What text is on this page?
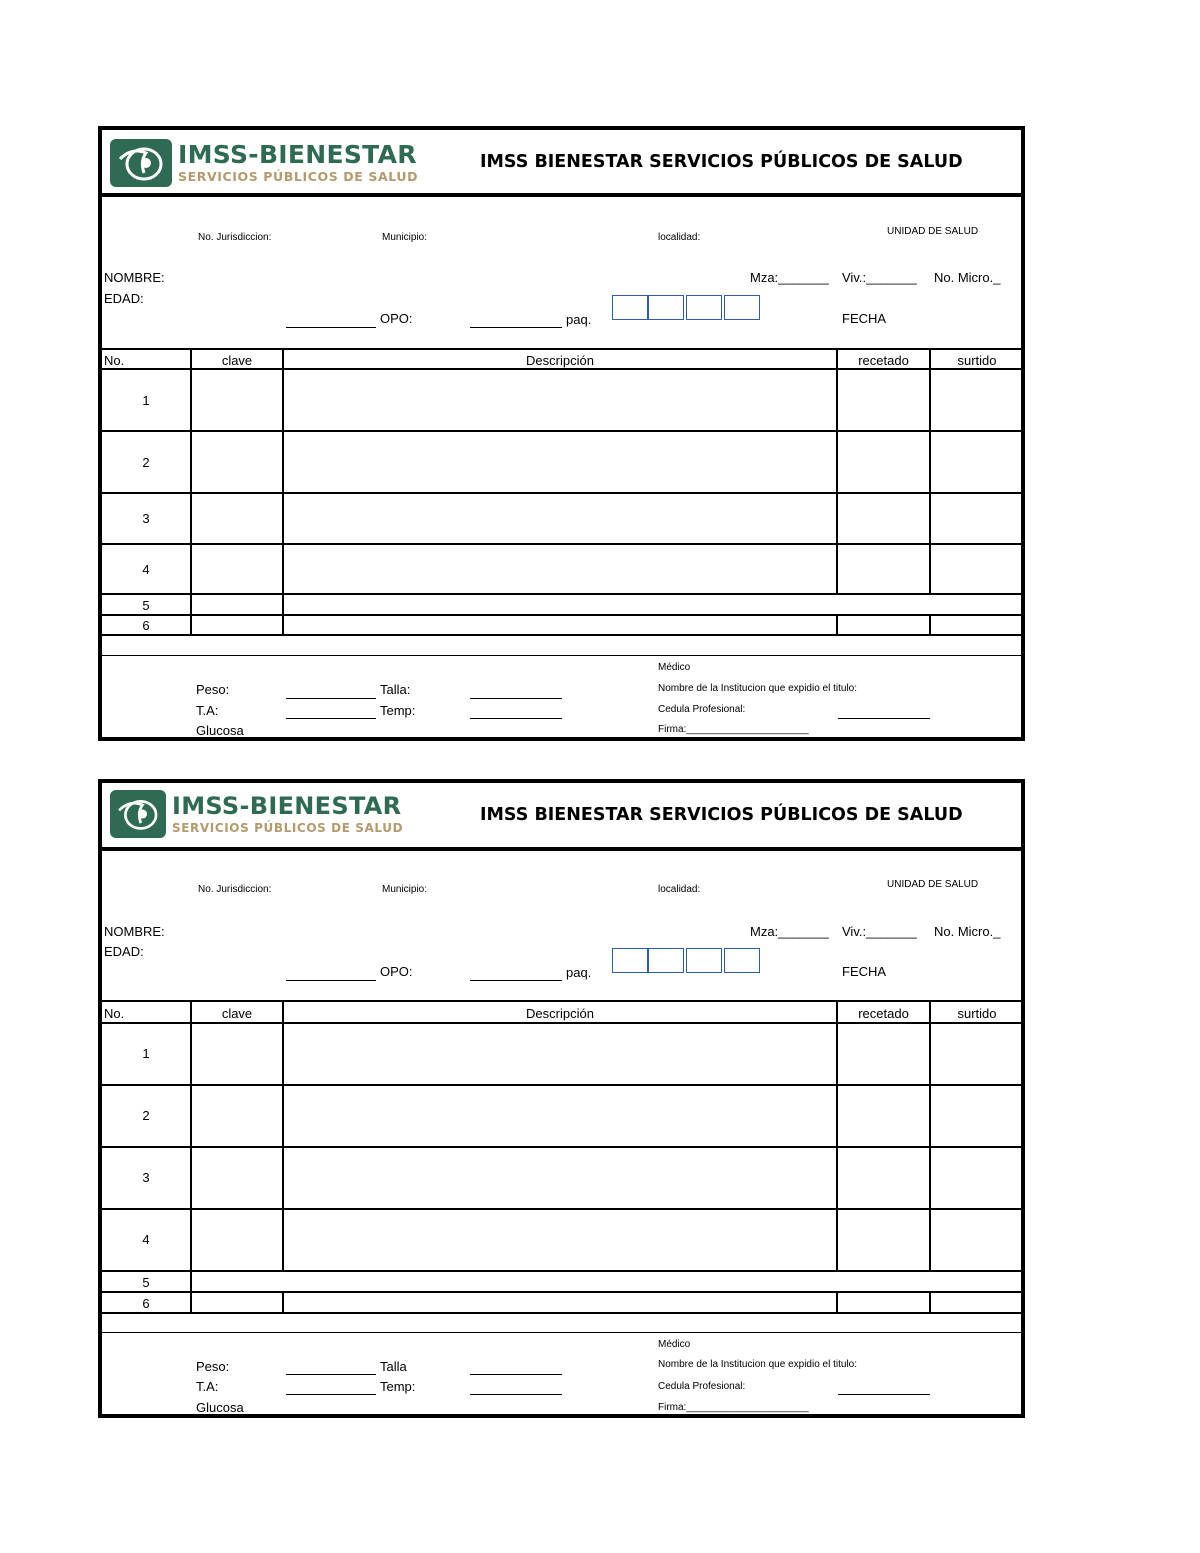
IMSS-BIENESTAR
SERVICIOS PÚBLICOS DE SALUD
IMSS BIENESTAR SERVICIOS PÚBLICOS DE SALUD
No. Jurisdiccion:	Municipio:	localidad:
UNIDAD DE SALUD
NOMBRE:
EDAD:
Mza:_______ Viv.:_______ No. Micro._
OPO:	paq.	FECHA
No.	clave	Descripción	recetado	surtido
1
2
3
4
5
6
Médico
Peso:	Talla:	Nombre de la Institucion que expidio el titulo:
T.A:	Temp:	Cedula Profesional:
Glucosa	Firma:______________________
IMSS-BIENESTAR
SERVICIOS PÚBLICOS DE SALUD
IMSS BIENESTAR SERVICIOS PÚBLICOS DE SALUD
No. Jurisdiccion:	Municipio:	localidad:	UNIDAD DE SALUD
NOMBRE:
EDAD:
Mza:_______ Viv.:_______ No. Micro._
OPO:	paq.	FECHA
No.	clave	Descripción	recetado	surtido
1
2
3
4
5
6
Médico
Peso:	Talla	Nombre de la Institucion que expidio el titulo:
T.A:	Temp:	Cedula Profesional:
Glucosa	Firma:______________________
